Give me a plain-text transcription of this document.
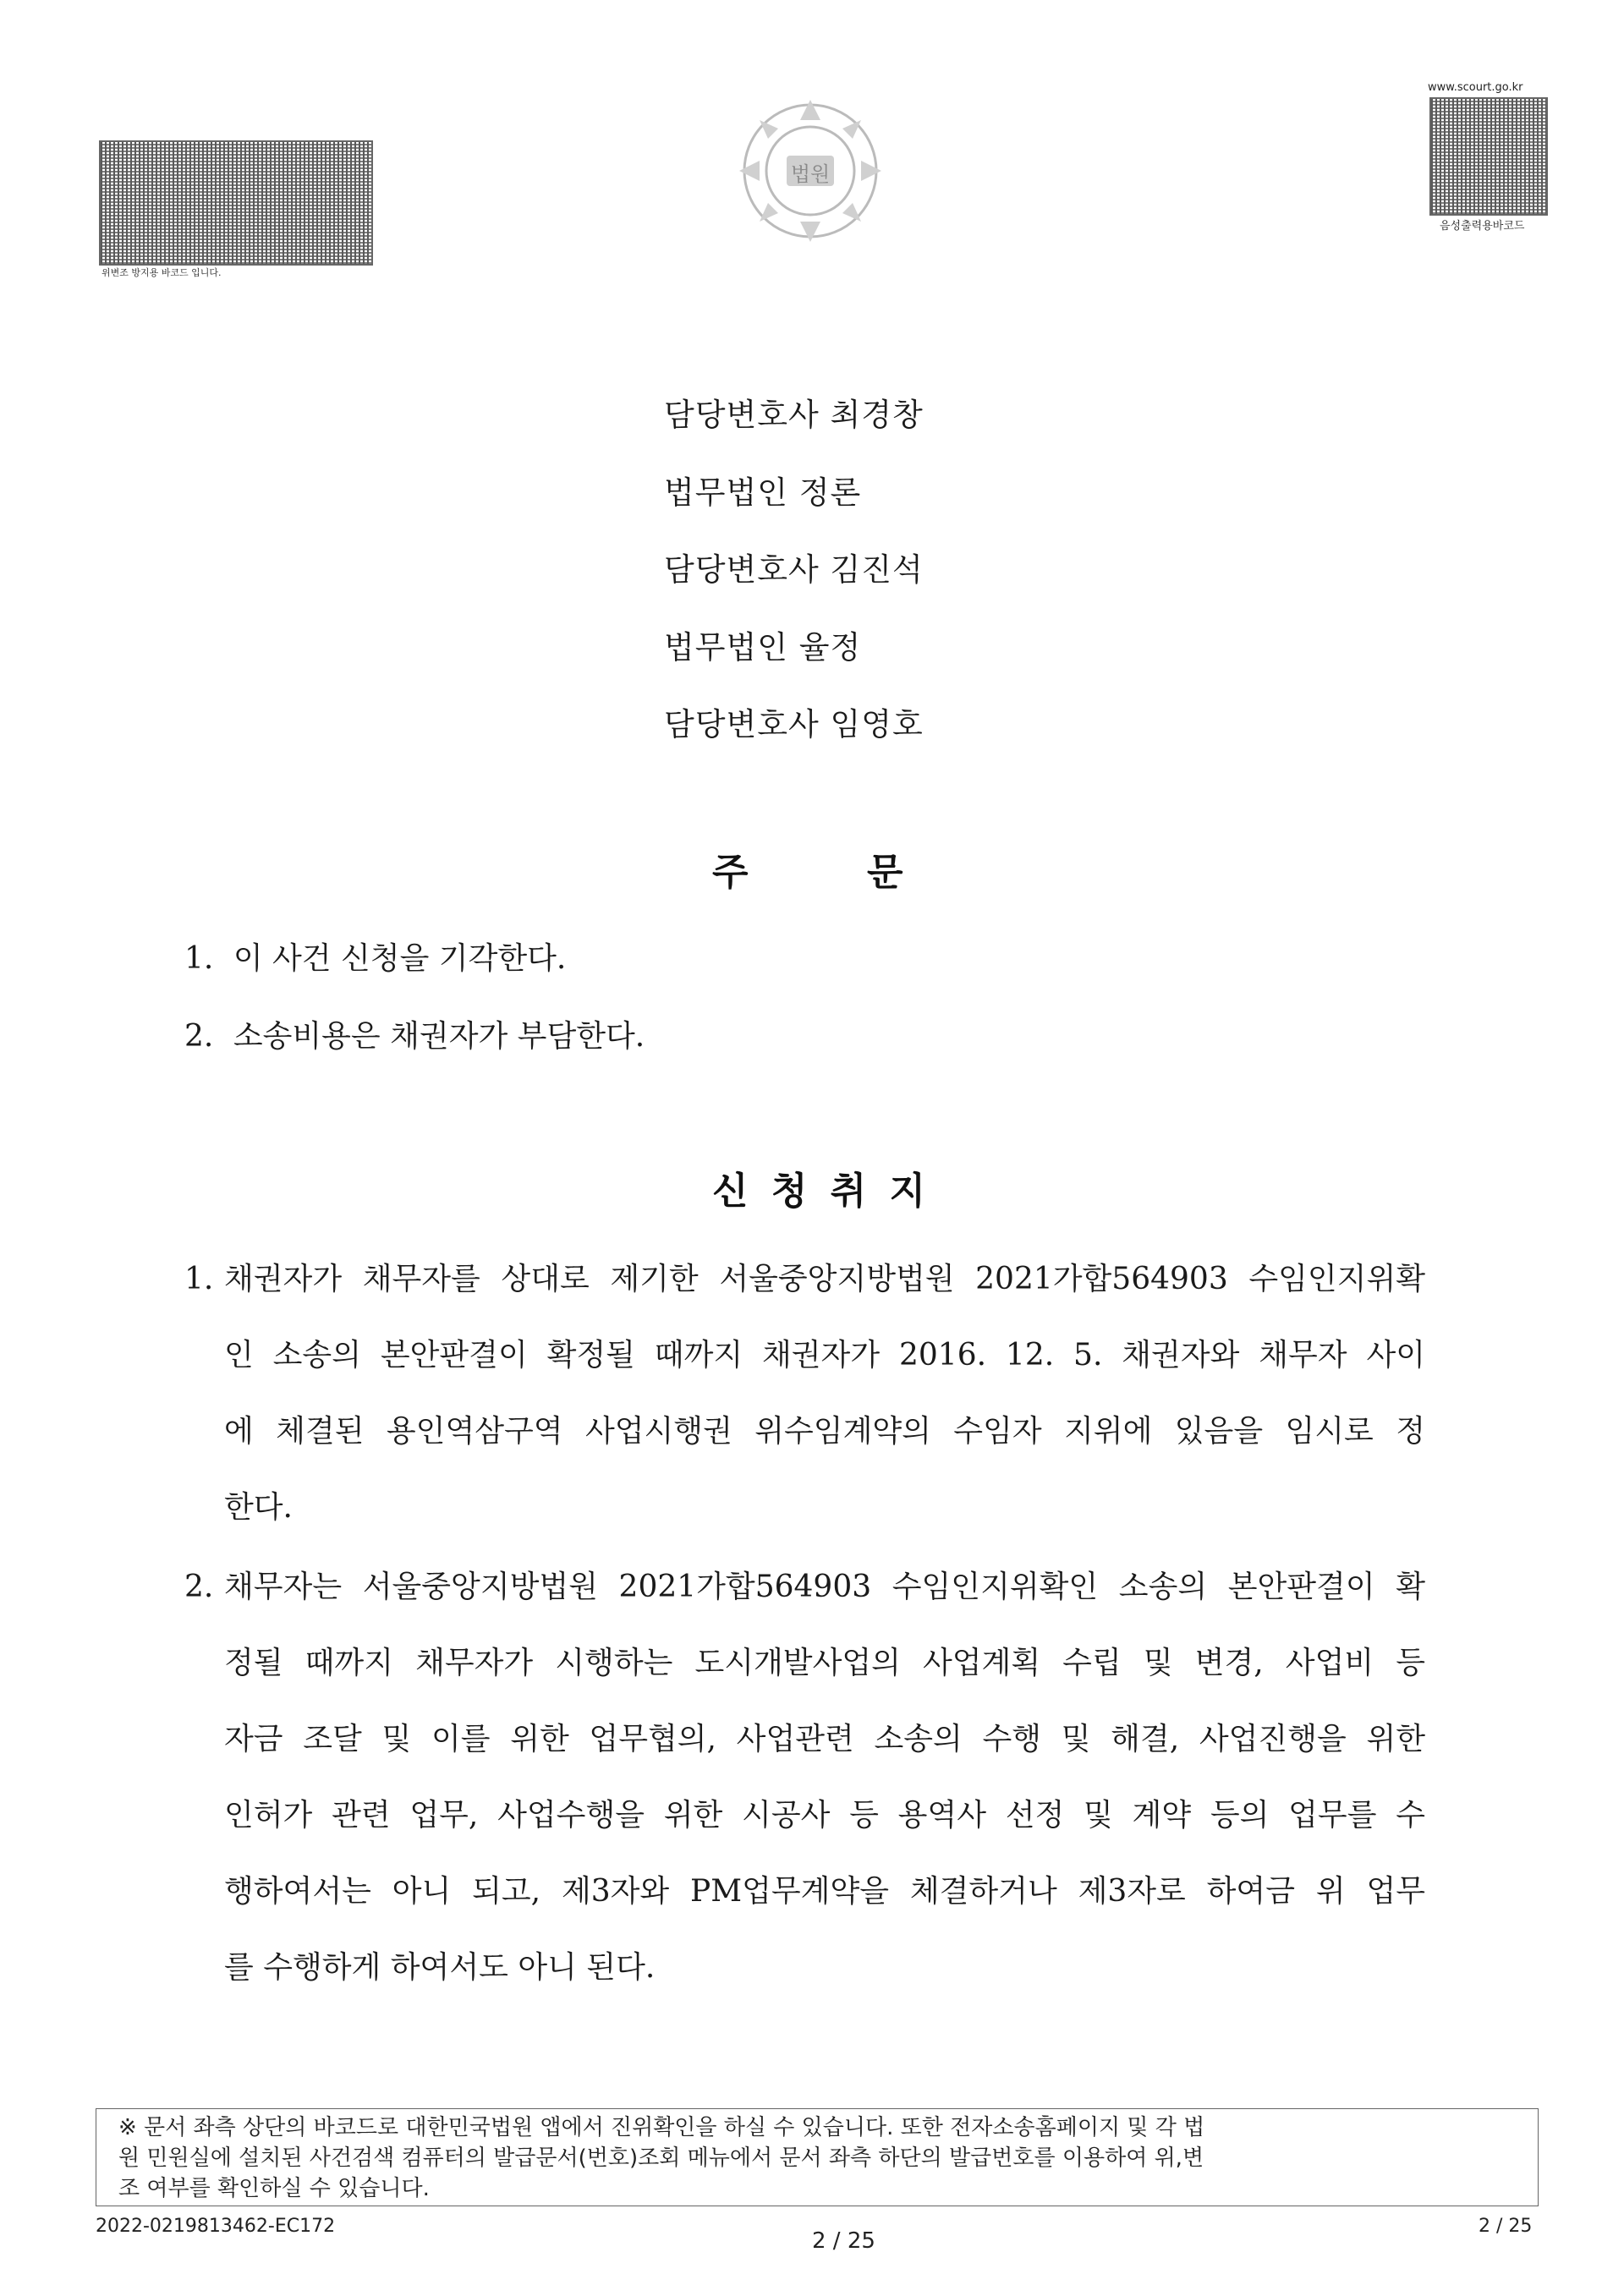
위변조 방지용 바코드 입니다.
법원
www.scourt.go.kr
음성출력용바코드
담당변호사 최경창
법무법인 정론
담당변호사 김진석
법무법인 율정
담당변호사 임영호
주	문
1. 이 사건 신청을 기각한다.
2. 소송비용은 채권자가 부담한다.
신 청 취 지
1. 채권자가 채무자를 상대로 제기한 서울중앙지방법원 2021가합564903 수임인지위확
인 소송의 본안판결이 확정될 때까지 채권자가 2016. 12. 5. 채권자와 채무자 사이
에 체결된 용인역삼구역 사업시행권 위수임계약의 수임자 지위에 있음을 임시로 정
한다.
2. 채무자는 서울중앙지방법원 2021가합564903 수임인지위확인 소송의 본안판결이 확
정될 때까지 채무자가 시행하는 도시개발사업의 사업계획 수립 및 변경, 사업비 등
자금 조달 및 이를 위한 업무협의, 사업관련 소송의 수행 및 해결, 사업진행을 위한
인허가 관련 업무, 사업수행을 위한 시공사 등 용역사 선정 및 계약 등의 업무를 수
행하여서는 아니 되고, 제3자와 PM업무계약을 체결하거나 제3자로 하여금 위 업무
를 수행하게 하여서도 아니 된다.
※ 문서 좌측 상단의 바코드로 대한민국법원 앱에서 진위확인을 하실 수 있습니다. 또한 전자소송홈페이지 및 각 법
원 민원실에 설치된 사건검색 컴퓨터의 발급문서(번호)조회 메뉴에서 문서 좌측 하단의 발급번호를 이용하여 위,변
조 여부를 확인하실 수 있습니다.
2022-0219813462-EC172
2 / 25
2 / 25
